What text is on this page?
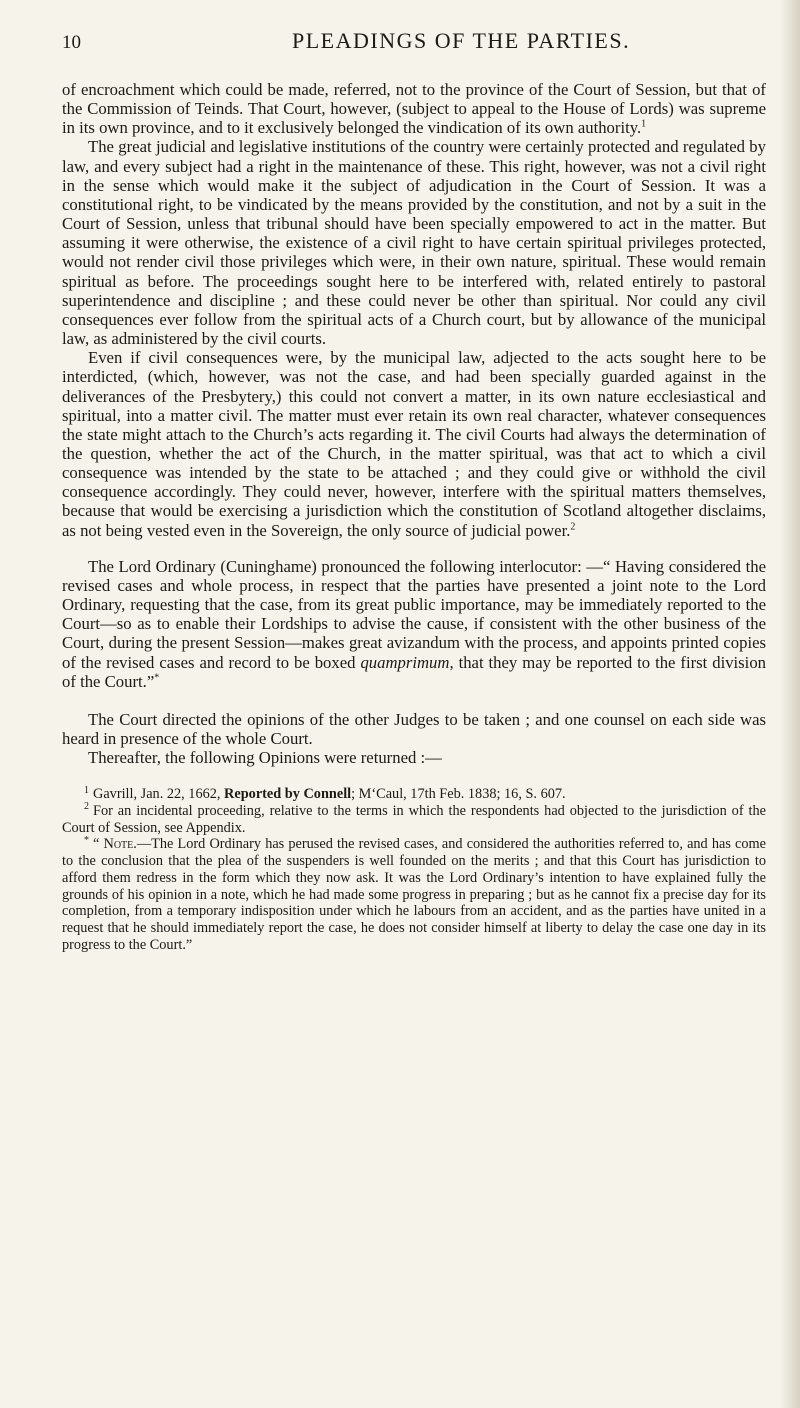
10	PLEADINGS OF THE PARTIES.

of encroachment which could be made, referred, not to the province of the Court of Session, but that of the Commission of Teinds. That Court, however, (subject to appeal to the House of Lords) was supreme in its own province, and to it exclusively belonged the vindication of its own authority.$^1$

The great judicial and legislative institutions of the country were certainly protected and regulated by law, and every subject had a right in the maintenance of these. This right, however, was not a civil right in the sense which would make it the subject of adjudication in the Court of Session. It was a constitutional right, to be vindicated by the means provided by the constitution, and not by a suit in the Court of Session, unless that tribunal should have been specially empowered to act in the matter. But assuming it were otherwise, the existence of a civil right to have certain spiritual privileges protected, would not render civil those privileges which were, in their own nature, spiritual. These would remain spiritual as before. The proceedings sought here to be interfered with, related entirely to pastoral superintendence and discipline ; and these could never be other than spiritual. Nor could any civil consequences ever follow from the spiritual acts of a Church court, but by allowance of the municipal law, as administered by the civil courts.

Even if civil consequences were, by the municipal law, adjected to the acts sought here to be interdicted, (which, however, was not the case, and had been specially guarded against in the deliverances of the Presbytery,) this could not convert a matter, in its own nature ecclesiastical and spiritual, into a matter civil. The matter must ever retain its own real character, whatever consequences the state might attach to the Church’s acts regarding it. The civil Courts had always the determination of the question, whether the act of the Church, in the matter spiritual, was that act to which a civil consequence was intended by the state to be attached ; and they could give or withhold the civil consequence accordingly. They could never, however, interfere with the spiritual matters themselves, because that would be exercising a jurisdiction which the constitution of Scotland altogether disclaims, as not being vested even in the Sovereign, the only source of judicial power.$^2$

The Lord Ordinary (Cuninghame) pronounced the following interlocutor: —“ Having considered the revised cases and whole process, in respect that the parties have presented a joint note to the Lord Ordinary, requesting that the case, from its great public importance, may be immediately reported to the Court—so as to enable their Lordships to advise the cause, if consistent with the other business of the Court, during the present Session—makes great avizandum with the process, and appoints printed copies of the revised cases and record to be boxed quamprimum, that they may be reported to the first division of the Court.”*

The Court directed the opinions of the other Judges to be taken ; and one counsel on each side was heard in presence of the whole Court.

Thereafter, the following Opinions were returned :—

$^1$ Gavrill, Jan. 22, 1662, Reported by Connell; M‘Caul, 17th Feb. 1838; 16, S. 607.

$^2$ For an incidental proceeding, relative to the terms in which the respondents had objected to the jurisdiction of the Court of Session, see Appendix.

* “ Note.—The Lord Ordinary has perused the revised cases, and considered the authorities referred to, and has come to the conclusion that the plea of the suspenders is well founded on the merits ; and that this Court has jurisdiction to afford them redress in the form which they now ask. It was the Lord Ordinary’s intention to have explained fully the grounds of his opinion in a note, which he had made some progress in preparing ; but as he cannot fix a precise day for its completion, from a temporary indisposition under which he labours from an accident, and as the parties have united in a request that he should immediately report the case, he does not consider himself at liberty to delay the case one day in its progress to the Court.”
